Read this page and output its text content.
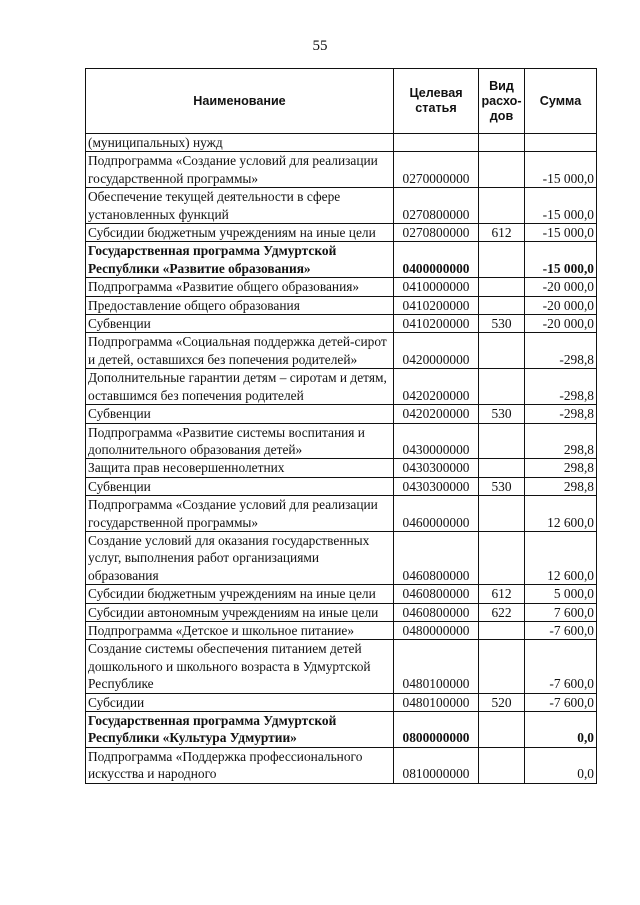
55
Наименование	Целевая статья	Вид расхо-дов	Сумма
(муниципальных) нужд			
Подпрограмма «Создание условий для реализации государственной программы»	0270000000		-15 000,0
Обеспечение текущей деятельности в сфере установленных функций	0270800000		-15 000,0
Субсидии бюджетным учреждениям на иные цели	0270800000	612	-15 000,0
Государственная программа Удмуртской Республики «Развитие образования»	0400000000		-15 000,0
Подпрограмма «Развитие общего образования»	0410000000		-20 000,0
Предоставление общего образования	0410200000		-20 000,0
Субвенции	0410200000	530	-20 000,0
Подпрограмма «Социальная поддержка детей-сирот и детей, оставшихся без попечения родителей»	0420000000		-298,8
Дополнительные гарантии детям – сиротам и детям, оставшимся без попечения родителей	0420200000		-298,8
Субвенции	0420200000	530	-298,8
Подпрограмма «Развитие системы воспитания и дополнительного образования детей»	0430000000		298,8
Защита прав несовершеннолетних	0430300000		298,8
Субвенции	0430300000	530	298,8
Подпрограмма «Создание условий для реализации государственной программы»	0460000000		12 600,0
Создание условий для оказания государственных услуг, выполнения работ организациями образования	0460800000		12 600,0
Субсидии бюджетным учреждениям на иные цели	0460800000	612	5 000,0
Субсидии автономным учреждениям на иные цели	0460800000	622	7 600,0
Подпрограмма «Детское и школьное питание»	0480000000		-7 600,0
Создание системы обеспечения питанием детей дошкольного и школьного возраста в Удмуртской Республике	0480100000		-7 600,0
Субсидии	0480100000	520	-7 600,0
Государственная программа Удмуртской Республики «Культура Удмуртии»	0800000000		0,0
Подпрограмма «Поддержка профессионального искусства и народного	0810000000		0,0
